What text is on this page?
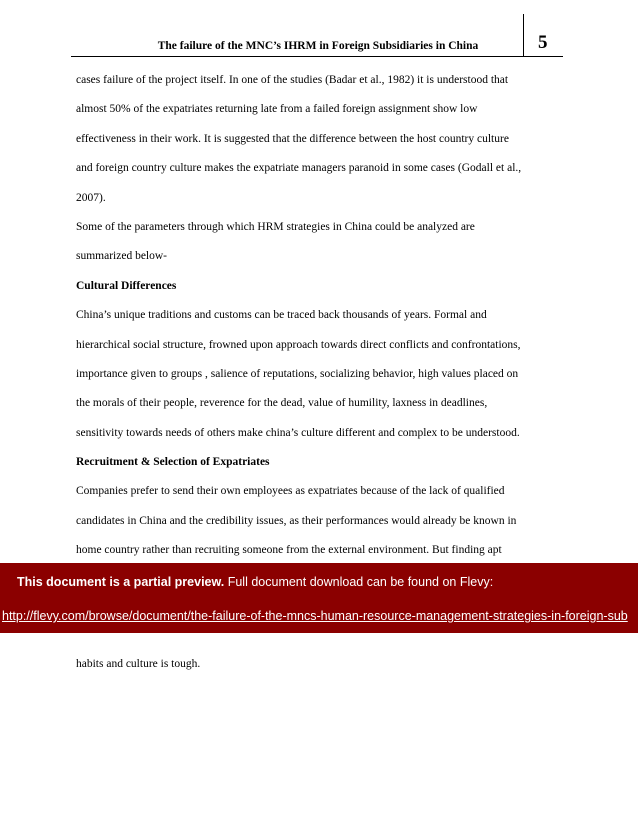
The failure of the MNC’s IHRM in Foreign Subsidiaries in China	5
cases failure of the project itself. In one of the studies (Badar et al., 1982) it is understood that
almost 50% of the expatriates returning late from a failed foreign assignment show low
effectiveness in their work. It is suggested that the difference between the host country culture
and foreign country culture makes the expatriate managers paranoid in some cases (Godall et al.,
2007).
Some of the parameters through which HRM strategies in China could be analyzed are
summarized below-
Cultural Differences
China’s unique traditions and customs can be traced back thousands of years. Formal and
hierarchical social structure, frowned upon approach towards direct conflicts and confrontations,
importance given to groups , salience of reputations, socializing behavior, high values placed on
the morals of their people, reverence for the dead, value of humility, laxness in deadlines,
sensitivity towards needs of others make china’s culture different and complex to be understood.
Recruitment & Selection of Expatriates
Companies prefer to send their own employees as expatriates because of the lack of qualified
candidates in China and the credibility issues, as their performances would already be known in
home country rather than recruiting someone from the external environment. But finding apt
habits and culture is tough.
This document is a partial preview. Full document download can be found on Flevy:
http://flevy.com/browse/document/the-failure-of-the-mncs-human-resource-management-strategies-in-foreign-sub
